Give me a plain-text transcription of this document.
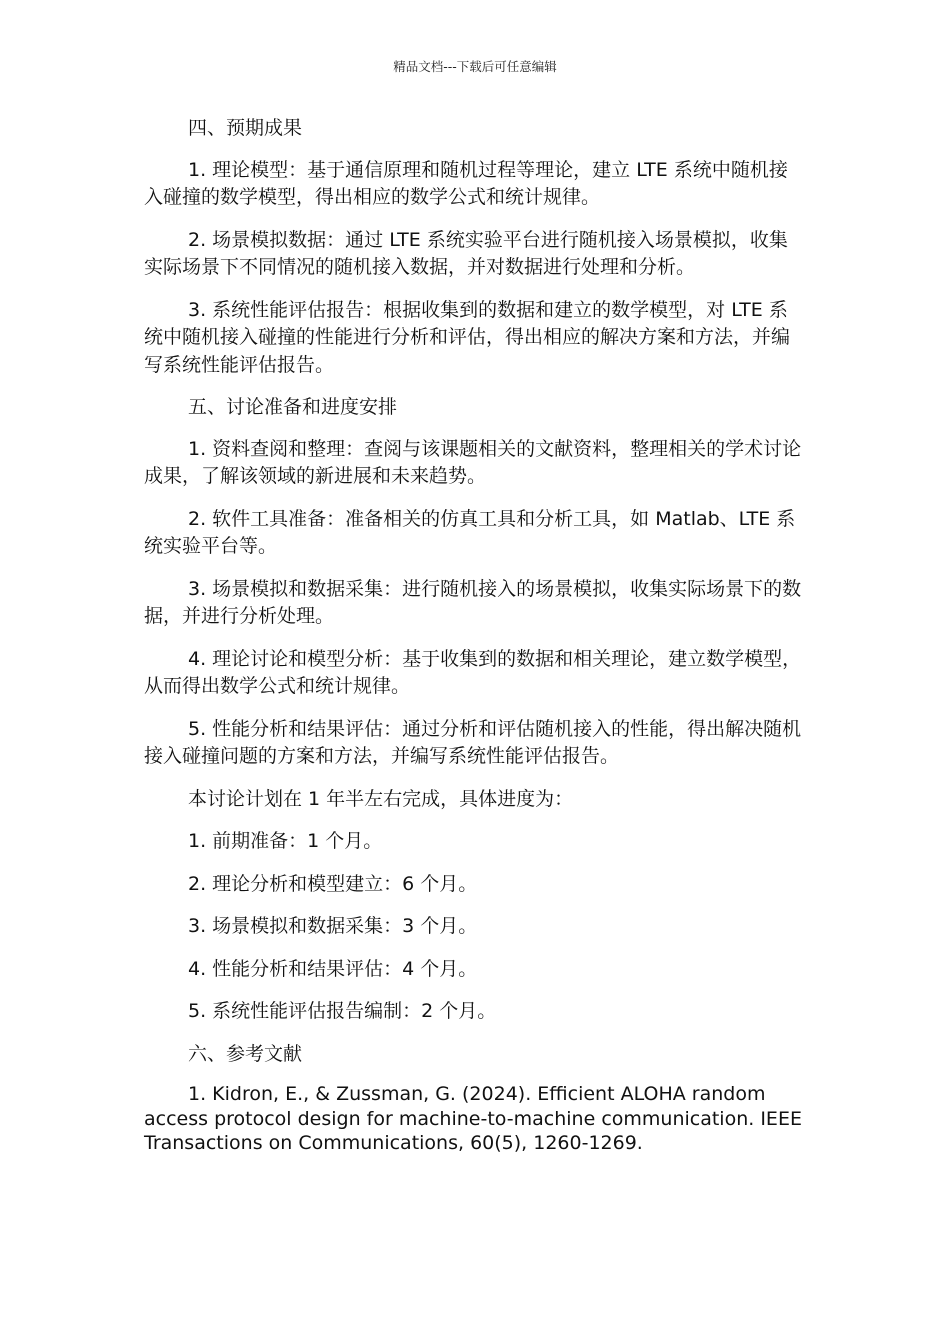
精品文档---下载后可任意编辑

四、预期成果

1. 理论模型：基于通信原理和随机过程等理论，建立 LTE 系统中随机接入碰撞的数学模型，得出相应的数学公式和统计规律。

2. 场景模拟数据：通过 LTE 系统实验平台进行随机接入场景模拟，收集实际场景下不同情况的随机接入数据，并对数据进行处理和分析。

3. 系统性能评估报告：根据收集到的数据和建立的数学模型，对 LTE 系统中随机接入碰撞的性能进行分析和评估，得出相应的解决方案和方法，并编写系统性能评估报告。

五、讨论准备和进度安排

1. 资料查阅和整理：查阅与该课题相关的文献资料，整理相关的学术讨论成果，了解该领域的新进展和未来趋势。

2. 软件工具准备：准备相关的仿真工具和分析工具，如 Matlab、LTE 系统实验平台等。

3. 场景模拟和数据采集：进行随机接入的场景模拟，收集实际场景下的数据，并进行分析处理。

4. 理论讨论和模型分析：基于收集到的数据和相关理论，建立数学模型，从而得出数学公式和统计规律。

5. 性能分析和结果评估：通过分析和评估随机接入的性能，得出解决随机接入碰撞问题的方案和方法，并编写系统性能评估报告。

本讨论计划在 1 年半左右完成，具体进度为：

1. 前期准备：1 个月。

2. 理论分析和模型建立：6 个月。

3. 场景模拟和数据采集：3 个月。

4. 性能分析和结果评估：4 个月。

5. 系统性能评估报告编制：2 个月。

六、参考文献

1. Kidron, E., & Zussman, G. (2024). Efficient ALOHA random access protocol design for machine-to-machine communication. IEEE Transactions on Communications, 60(5), 1260-1269.
